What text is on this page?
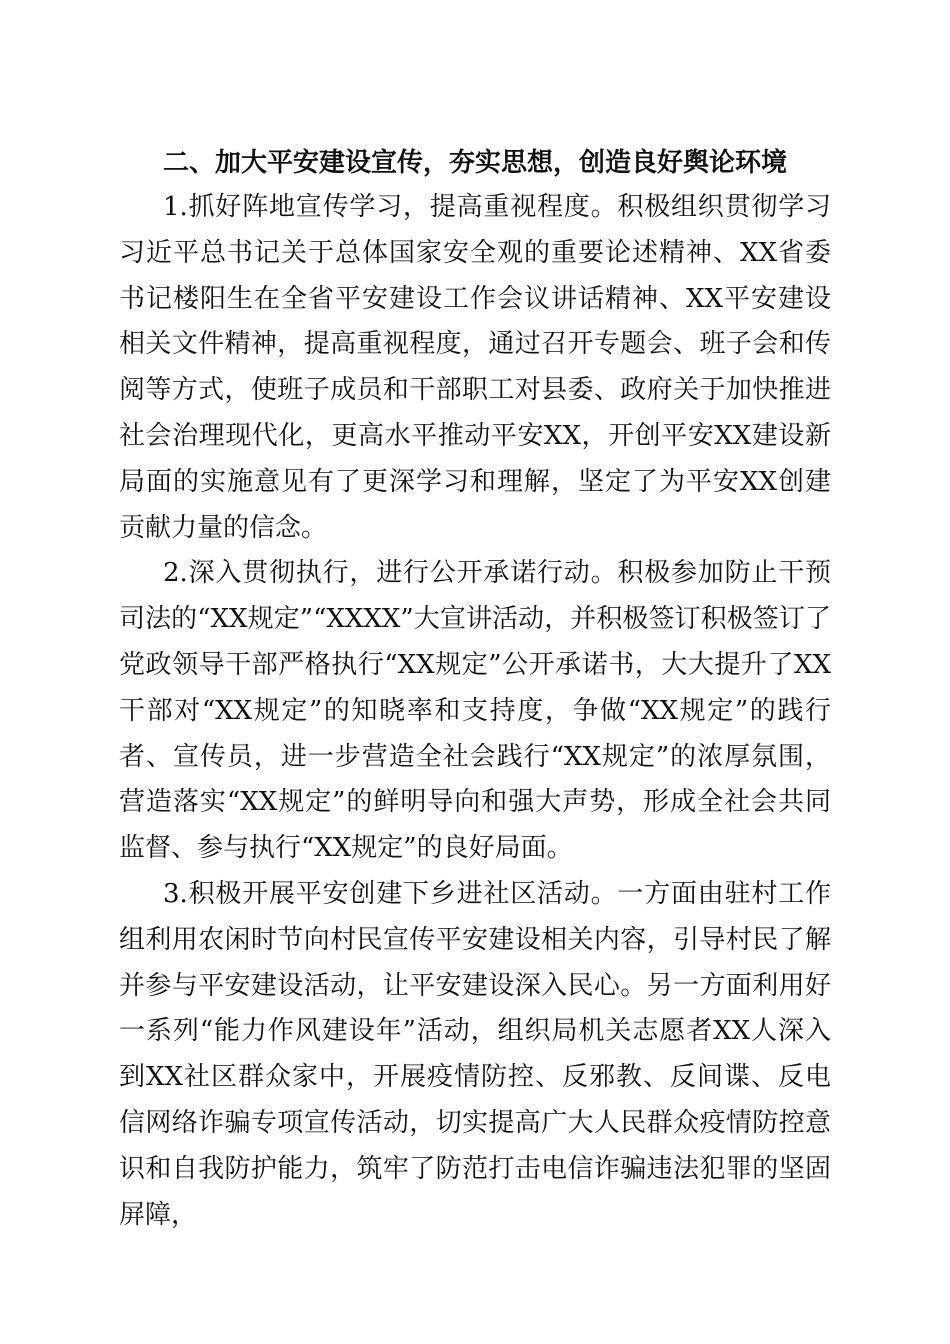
二、加大平安建设宣传，夯实思想，创造良好舆论环境

1.抓好阵地宣传学习，提高重视程度。积极组织贯彻学习习近平总书记关于总体国家安全观的重要论述精神、XX省委书记楼阳生在全省平安建设工作会议讲话精神、XX平安建设相关文件精神，提高重视程度，通过召开专题会、班子会和传阅等方式，使班子成员和干部职工对县委、政府关于加快推进社会治理现代化，更高水平推动平安XX，开创平安XX建设新局面的实施意见有了更深学习和理解，坚定了为平安XX创建贡献力量的信念。

2.深入贯彻执行，进行公开承诺行动。积极参加防止干预司法的“XX规定”“XXXX”大宣讲活动，并积极签订积极签订了党政领导干部严格执行“XX规定”公开承诺书，大大提升了XX干部对“XX规定”的知晓率和支持度，争做“XX规定”的践行者、宣传员，进一步营造全社会践行“XX规定”的浓厚氛围，营造落实“XX规定”的鲜明导向和强大声势，形成全社会共同监督、参与执行“XX规定”的良好局面。

3.积极开展平安创建下乡进社区活动。一方面由驻村工作组利用农闲时节向村民宣传平安建设相关内容，引导村民了解并参与平安建设活动，让平安建设深入民心。另一方面利用好一系列“能力作风建设年”活动，组织局机关志愿者XX人深入到XX社区群众家中，开展疫情防控、反邪教、反间谍、反电信网络诈骗专项宣传活动，切实提高广大人民群众疫情防控意识和自我防护能力，筑牢了防范打击电信诈骗违法犯罪的坚固屏障，
